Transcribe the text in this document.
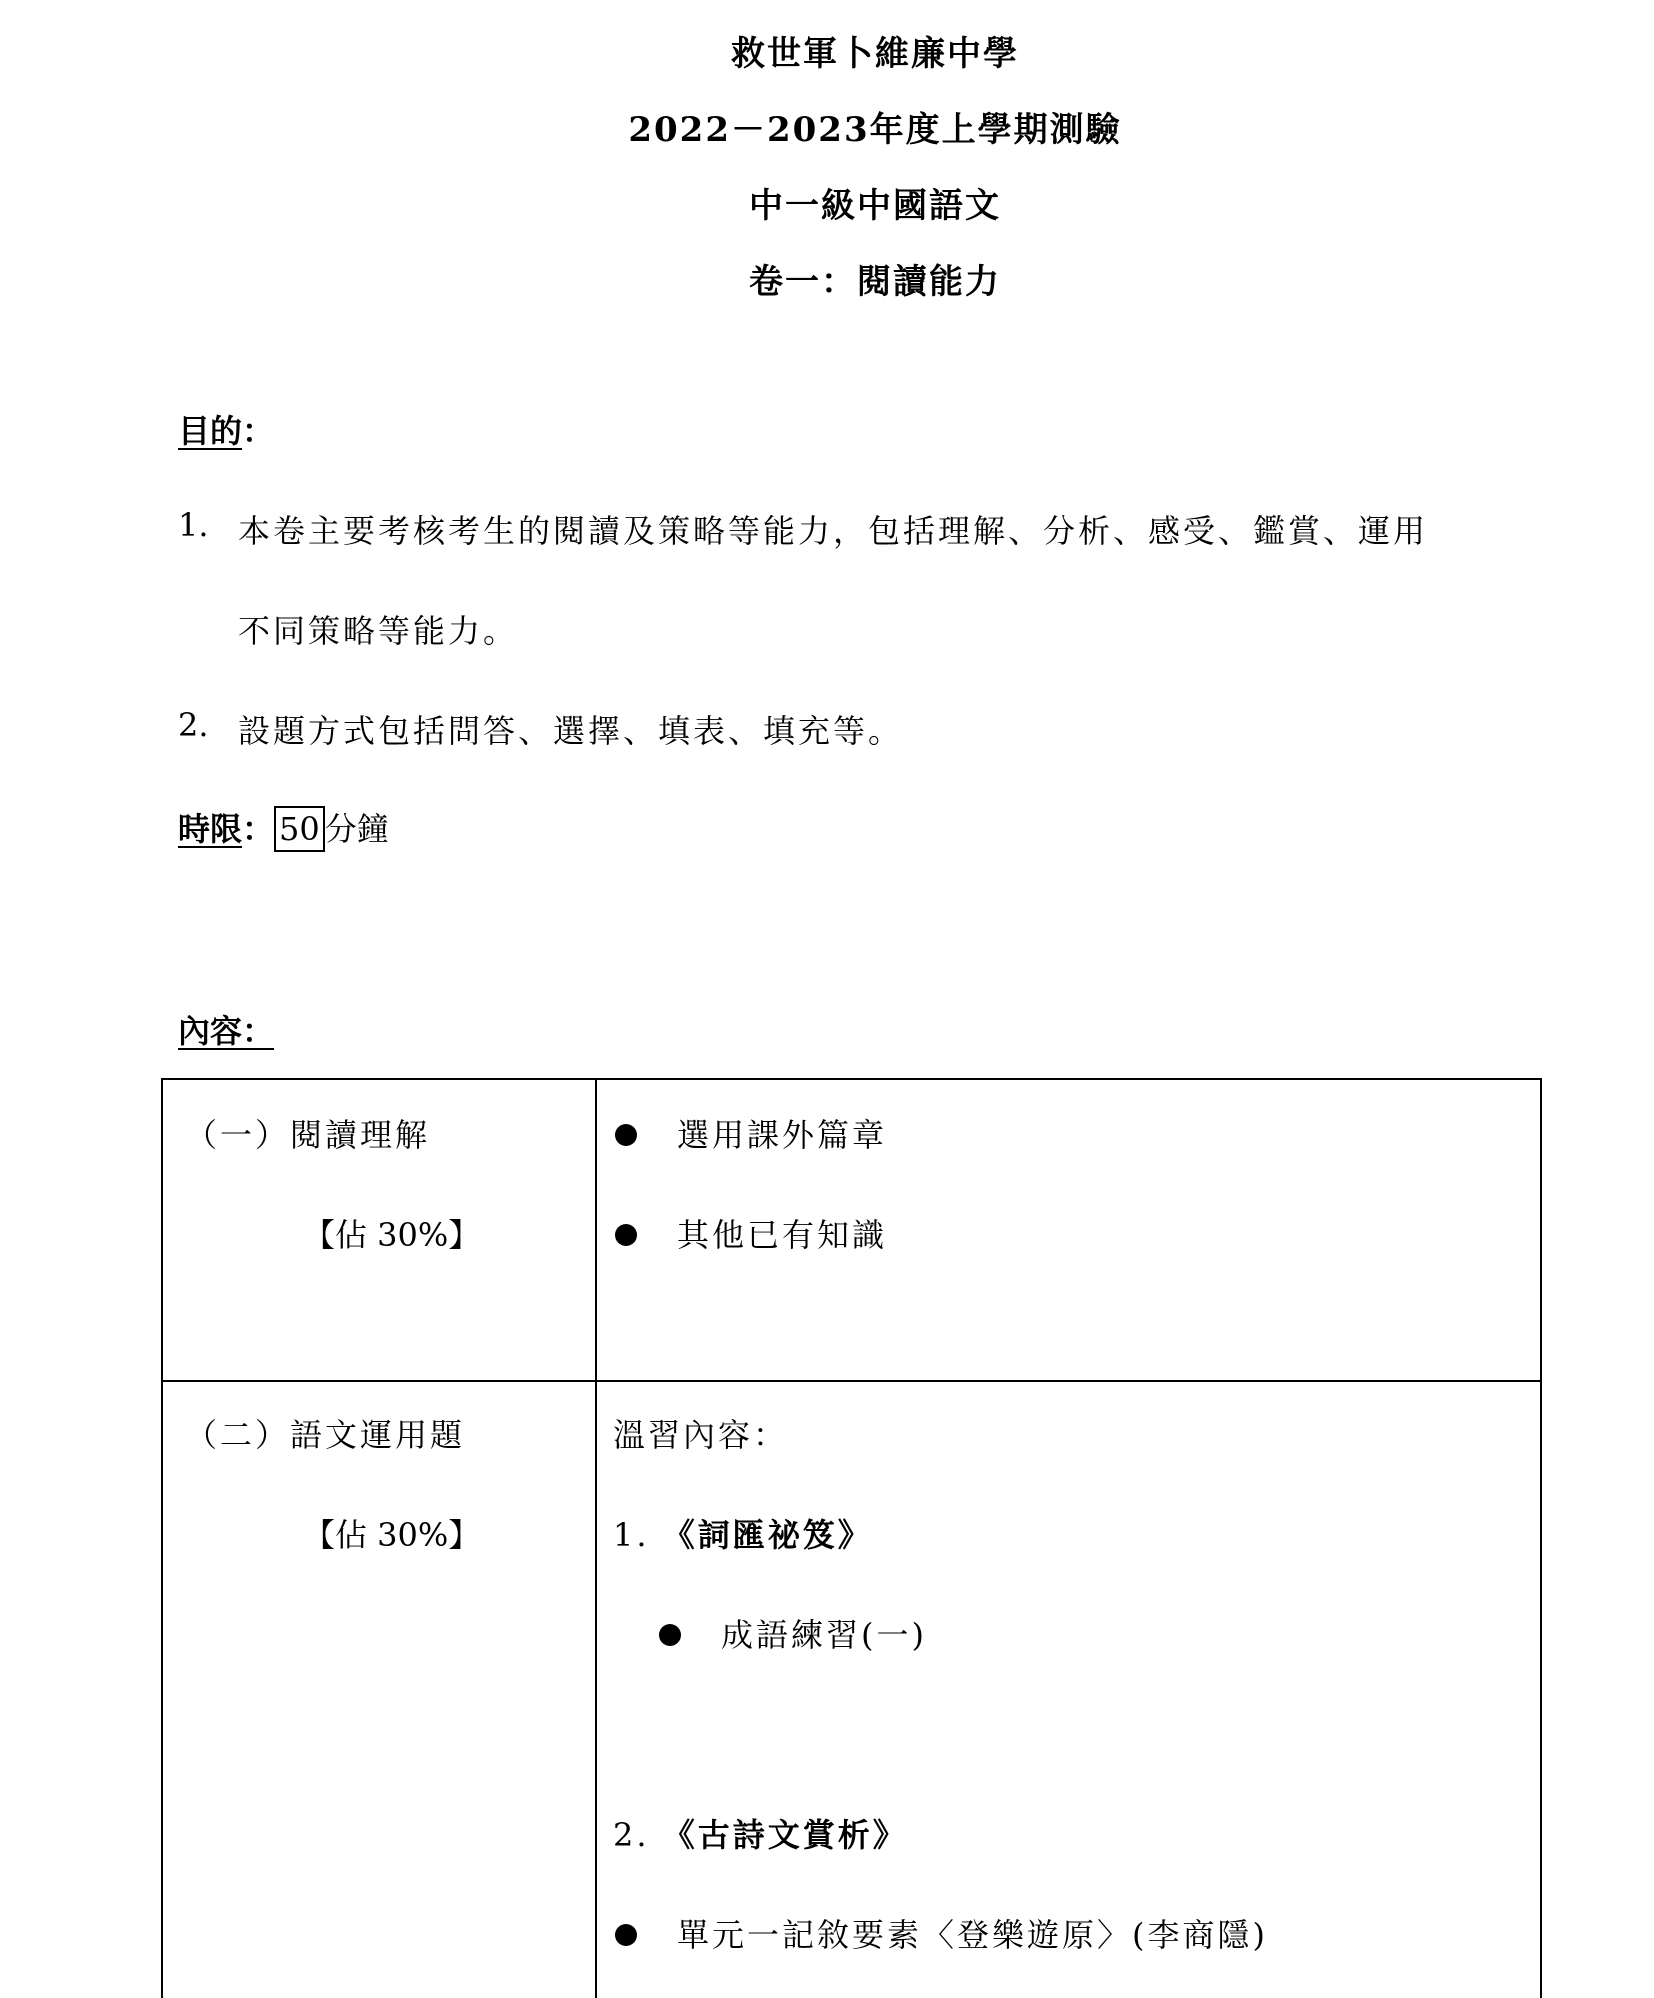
救世軍卜維廉中學
2022－2023年度上學期測驗
中一級中國語文
卷一：閱讀能力
目的：
1. 本卷主要考核考生的閱讀及策略等能力，包括理解、分析、感受、鑑賞、運用
不同策略等能力。
2. 設題方式包括問答、選擇、填表、填充等。
時限： 50 分鐘
內容：
（一）閱讀理解
【佔 30%】
選用課外篇章
其他已有知識
（二）語文運用題
【佔 30%】
溫習內容：
1. 《詞匯祕笈》
成語練習(一)
2. 《古詩文賞析》
單元一記敘要素〈登樂遊原〉(李商隱)
